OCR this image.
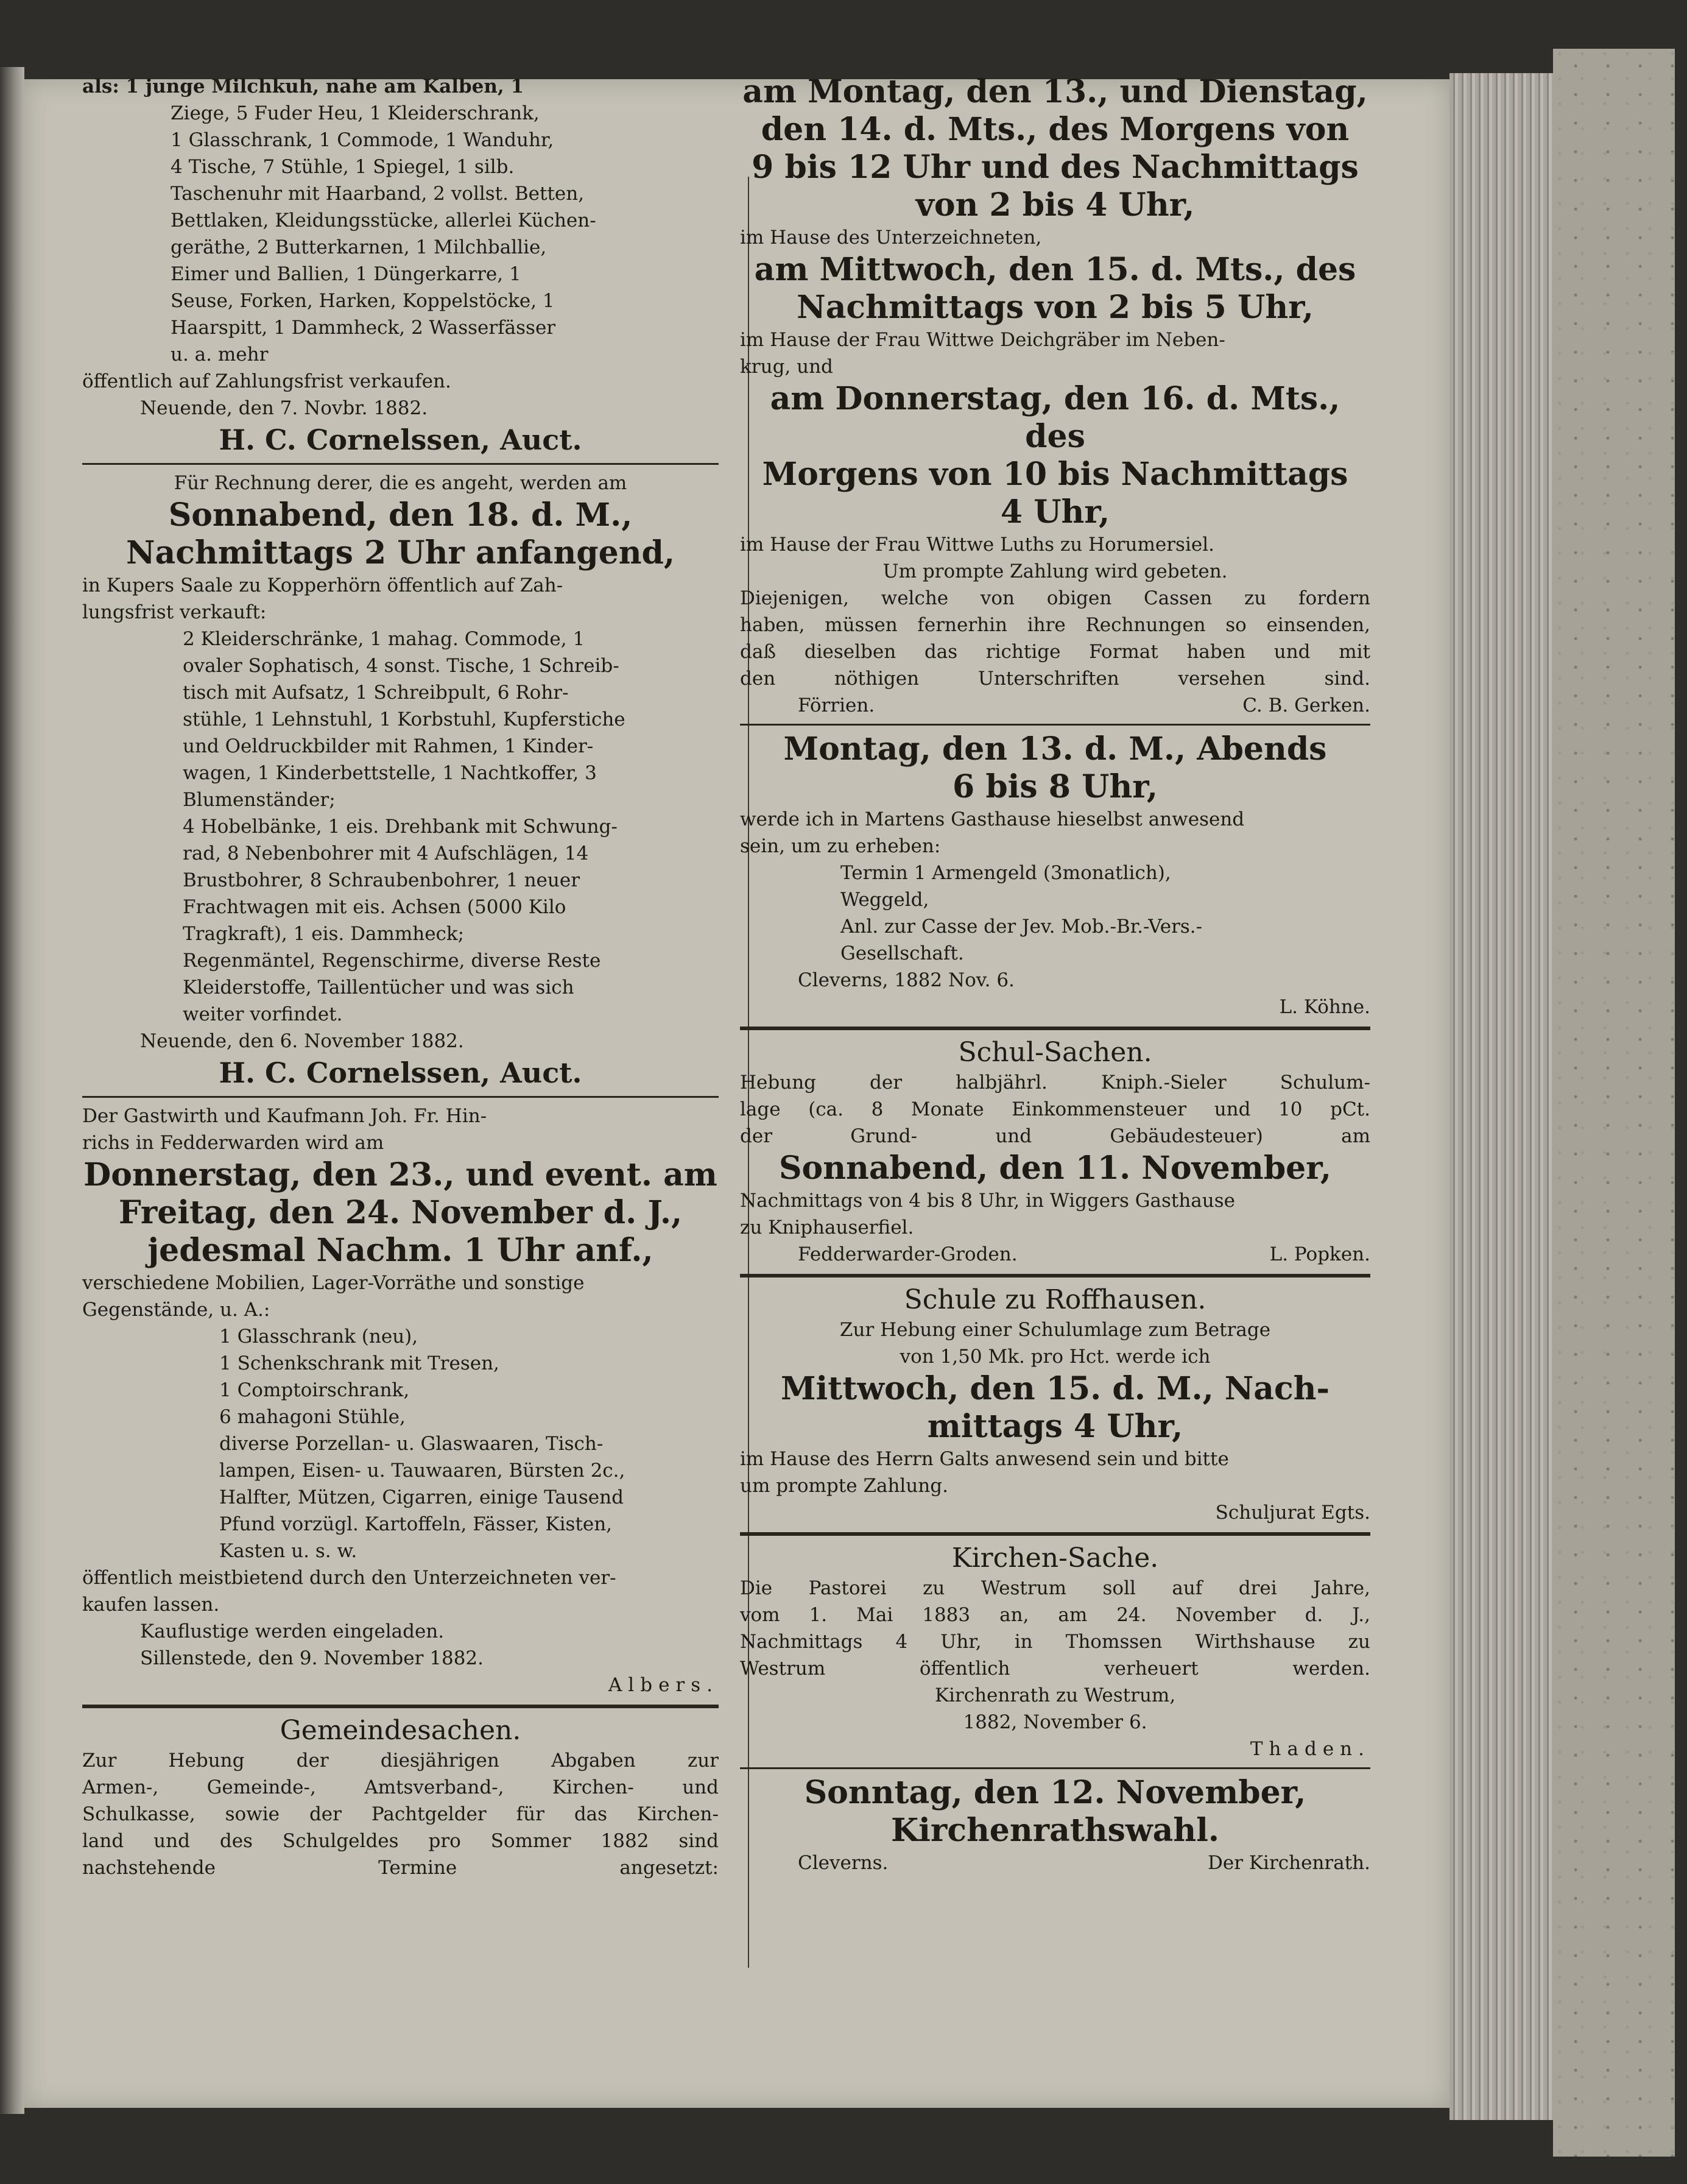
als: 1 junge Milchkuh, nahe am Kalben, 1
Ziege, 5 Fuder Heu, 1 Kleiderschrank,
1 Glasschrank, 1 Commode, 1 Wanduhr,
4 Tische, 7 Stühle, 1 Spiegel, 1 silb.
Taschenuhr mit Haarband, 2 vollst. Betten,
Bettlaken, Kleidungsstücke, allerlei Küchen-
geräthe, 2 Butterkarnen, 1 Milchballie,
Eimer und Ballien, 1 Düngerkarre, 1
Seuse, Forken, Harken, Koppelstöcke, 1
Haarspitt, 1 Dammheck, 2 Wasserfässer
u. a. mehr
öffentlich auf Zahlungsfrist verkaufen.
Neuende, den 7. Novbr. 1882.
H. C. Cornelssen, Auct.
Für Rechnung derer, die es angeht, werden am
Sonnabend, den 18. d. M.,
Nachmittags 2 Uhr anfangend,
in Kupers Saale zu Kopperhörn öffentlich auf Zah-
lungsfrist verkauft:
2 Kleiderschränke, 1 mahag. Commode, 1
ovaler Sophatisch, 4 sonst. Tische, 1 Schreib-
tisch mit Aufsatz, 1 Schreibpult, 6 Rohr-
stühle, 1 Lehnstuhl, 1 Korbstuhl, Kupferstiche
und Oeldruckbilder mit Rahmen, 1 Kinder-
wagen, 1 Kinderbettstelle, 1 Nachtkoffer, 3
Blumenständer;
4 Hobelbänke, 1 eis. Drehbank mit Schwung-
rad, 8 Nebenbohrer mit 4 Aufschlägen, 14
Brustbohrer, 8 Schraubenbohrer, 1 neuer
Frachtwagen mit eis. Achsen (5000 Kilo
Tragkraft), 1 eis. Dammheck;
Regenmäntel, Regenschirme, diverse Reste
Kleiderstoffe, Taillentücher und was sich
weiter vorfindet.
Neuende, den 6. November 1882.
H. C. Cornelssen, Auct.
Der Gastwirth und Kaufmann Joh. Fr. Hin-
richs in Fedderwarden wird am
Donnerstag, den 23., und event. am
Freitag, den 24. November d. J.,
jedesmal Nachm. 1 Uhr anf.,
verschiedene Mobilien, Lager-Vorräthe und sonstige
Gegenstände, u. A.:
1 Glasschrank (neu),
1 Schenkschrank mit Tresen,
1 Comptoirschrank,
6 mahagoni Stühle,
diverse Porzellan- u. Glaswaaren, Tisch-
lampen, Eisen- u. Tauwaaren, Bürsten 2c.,
Halfter, Mützen, Cigarren, einige Tausend
Pfund vorzügl. Kartoffeln, Fässer, Kisten,
Kasten u. s. w.
öffentlich meistbietend durch den Unterzeichneten ver-
kaufen lassen.
Kauflustige werden eingeladen.
Sillenstede, den 9. November 1882.
Albers.
Gemeindesachen.
Zur Hebung der diesjährigen Abgaben zur
Armen-, Gemeinde-, Amtsverband-, Kirchen- und
Schulkasse, sowie der Pachtgelder für das Kirchen-
land und des Schulgeldes pro Sommer 1882 sind
nachstehende Termine angesetzt:
am Montag, den 13., und Dienstag,
den 14. d. Mts., des Morgens von
9 bis 12 Uhr und des Nachmittags
von 2 bis 4 Uhr,
im Hause des Unterzeichneten,
am Mittwoch, den 15. d. Mts., des
Nachmittags von 2 bis 5 Uhr,
im Hause der Frau Wittwe Deichgräber im Neben-
krug, und
am Donnerstag, den 16. d. Mts., des
Morgens von 10 bis Nachmittags
4 Uhr,
im Hause der Frau Wittwe Luths zu Horumersiel.
Um prompte Zahlung wird gebeten.
Diejenigen, welche von obigen Cassen zu fordern
haben, müssen fernerhin ihre Rechnungen so einsenden,
daß dieselben das richtige Format haben und mit
den nöthigen Unterschriften versehen sind.
Förrien.	C. B. Gerken.
Montag, den 13. d. M., Abends
6 bis 8 Uhr,
werde ich in Martens Gasthause hieselbst anwesend
sein, um zu erheben:
Termin 1 Armengeld (3monatlich),
Weggeld,
Anl. zur Casse der Jev. Mob.-Br.-Vers.-
Gesellschaft.
Cleverns, 1882 Nov. 6.
L. Köhne.
Schul-Sachen.
Hebung der halbjährl. Kniph.-Sieler Schulum-
lage (ca. 8 Monate Einkommensteuer und 10 pCt.
der Grund- und Gebäudesteuer) am
Sonnabend, den 11. November,
Nachmittags von 4 bis 8 Uhr, in Wiggers Gasthause
zu Kniphauserfiel.
Fedderwarder-Groden.	L. Popken.
Schule zu Roffhausen.
Zur Hebung einer Schulumlage zum Betrage
von 1,50 Mk. pro Hct. werde ich
Mittwoch, den 15. d. M., Nach-
mittags 4 Uhr,
im Hause des Herrn Galts anwesend sein und bitte
um prompte Zahlung.
Schuljurat Egts.
Kirchen-Sache.
Die Pastorei zu Westrum soll auf drei Jahre,
vom 1. Mai 1883 an, am 24. November d. J.,
Nachmittags 4 Uhr, in Thomssen Wirthshause zu
Westrum öffentlich verheuert werden.
Kirchenrath zu Westrum,
1882, November 6.
Thaden.
Sonntag, den 12. November,
Kirchenrathswahl.
Cleverns.	Der Kirchenrath.
